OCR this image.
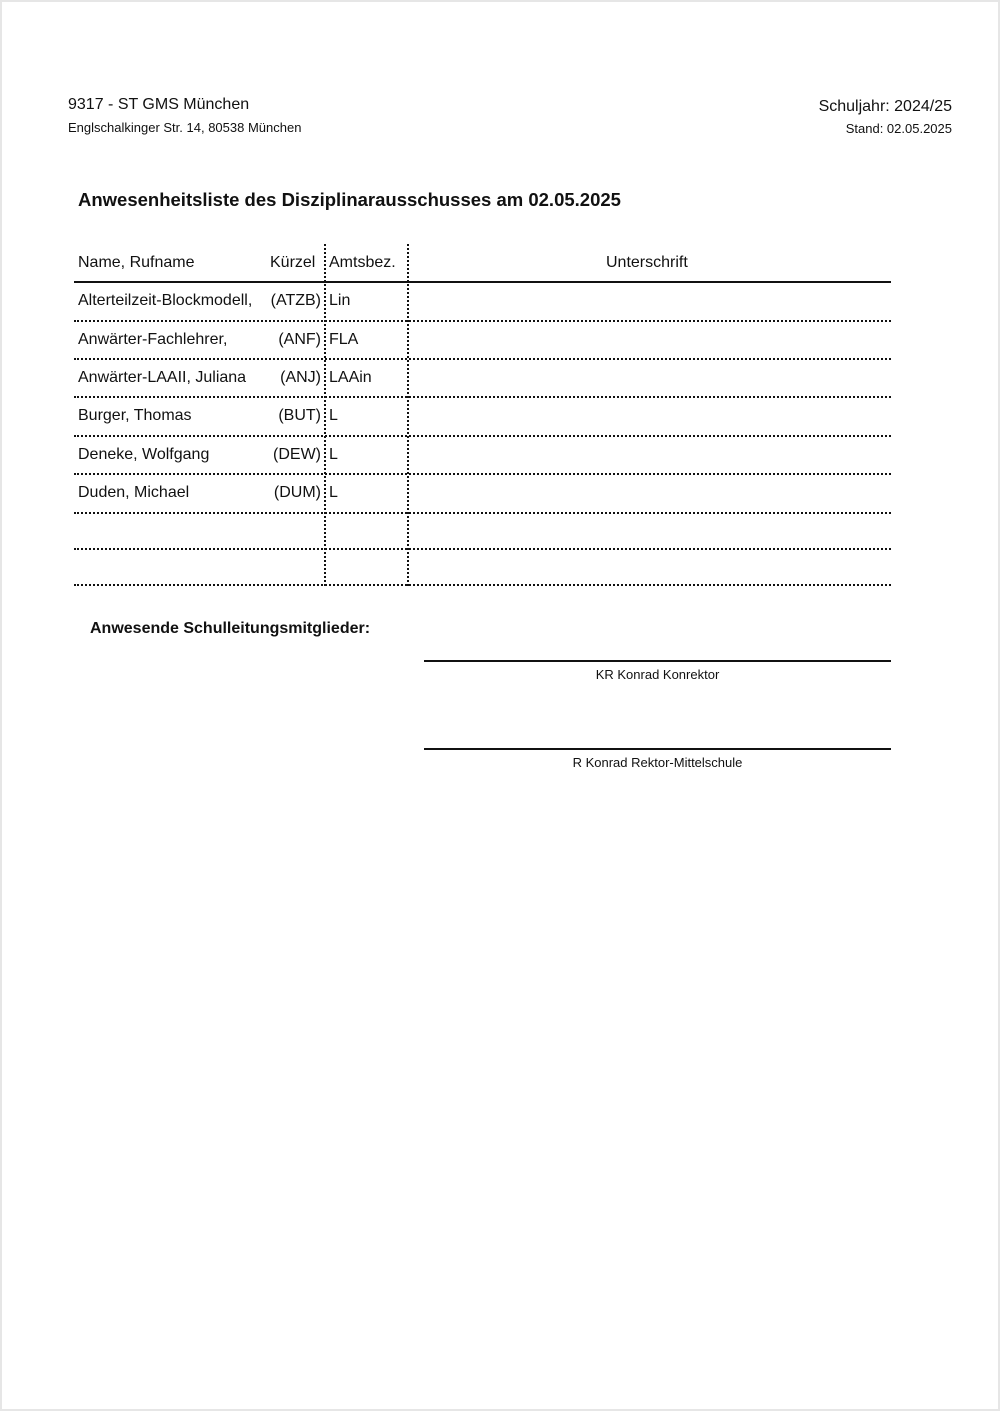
9317 - ST GMS München
Englschalkinger Str. 14, 80538 München
Schuljahr: 2024/25
Stand: 02.05.2025
Anwesenheitsliste des Disziplinarausschusses am 02.05.2025
Name, Rufname	Kürzel Amtsbez.	Unterschrift
Alterteilzeit-Blockmodell, (ATZB) Lin
Anwärter-Fachlehrer,	(ANF) FLA
Anwärter-LAAII, Juliana (ANJ) LAAin
Burger, Thomas	(BUT) L
Deneke, Wolfgang	(DEW) L
Duden, Michael	(DUM) L
Anwesende Schulleitungsmitglieder:
KR Konrad Konrektor
R Konrad Rektor-Mittelschule
